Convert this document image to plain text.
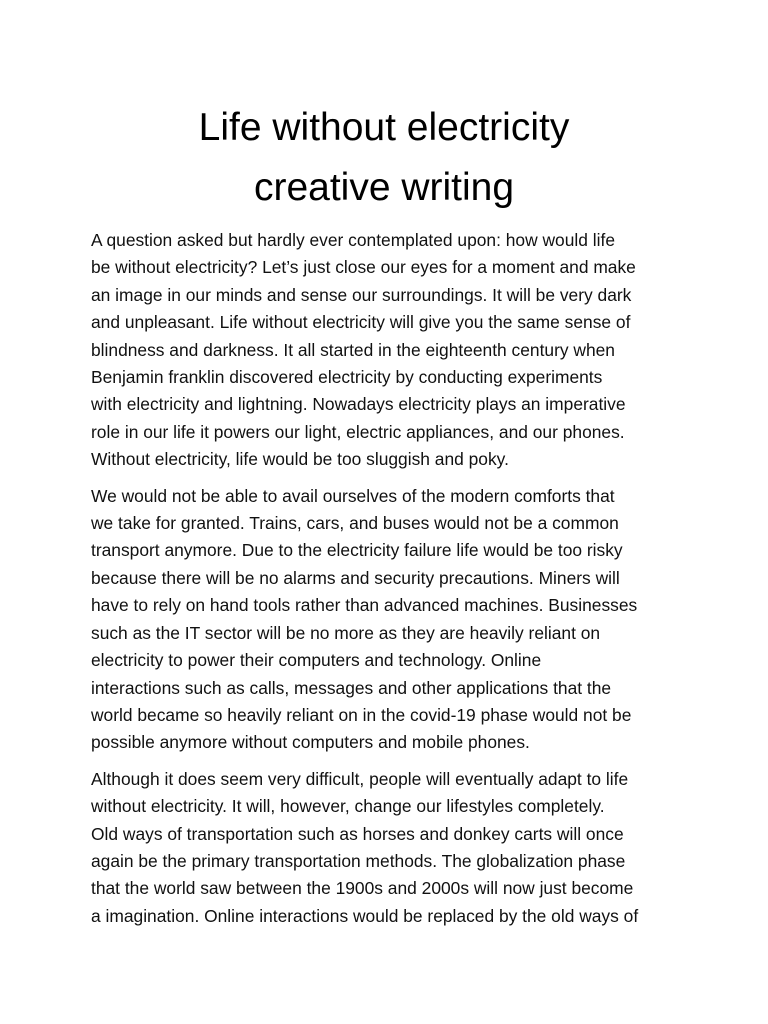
Life without electricity
creative writing

A question asked but hardly ever contemplated upon: how would life
be without electricity? Let’s just close our eyes for a moment and make
an image in our minds and sense our surroundings. It will be very dark
and unpleasant. Life without electricity will give you the same sense of
blindness and darkness. It all started in the eighteenth century when
Benjamin franklin discovered electricity by conducting experiments
with electricity and lightning. Nowadays electricity plays an imperative
role in our life it powers our light, electric appliances, and our phones.
Without electricity, life would be too sluggish and poky.

We would not be able to avail ourselves of the modern comforts that
we take for granted. Trains, cars, and buses would not be a common
transport anymore. Due to the electricity failure life would be too risky
because there will be no alarms and security precautions. Miners will
have to rely on hand tools rather than advanced machines. Businesses
such as the IT sector will be no more as they are heavily reliant on
electricity to power their computers and technology. Online
interactions such as calls, messages and other applications that the
world became so heavily reliant on in the covid-19 phase would not be
possible anymore without computers and mobile phones.

Although it does seem very difficult, people will eventually adapt to life
without electricity. It will, however, change our lifestyles completely.
Old ways of transportation such as horses and donkey carts will once
again be the primary transportation methods. The globalization phase
that the world saw between the 1900s and 2000s will now just become
a imagination. Online interactions would be replaced by the old ways of
